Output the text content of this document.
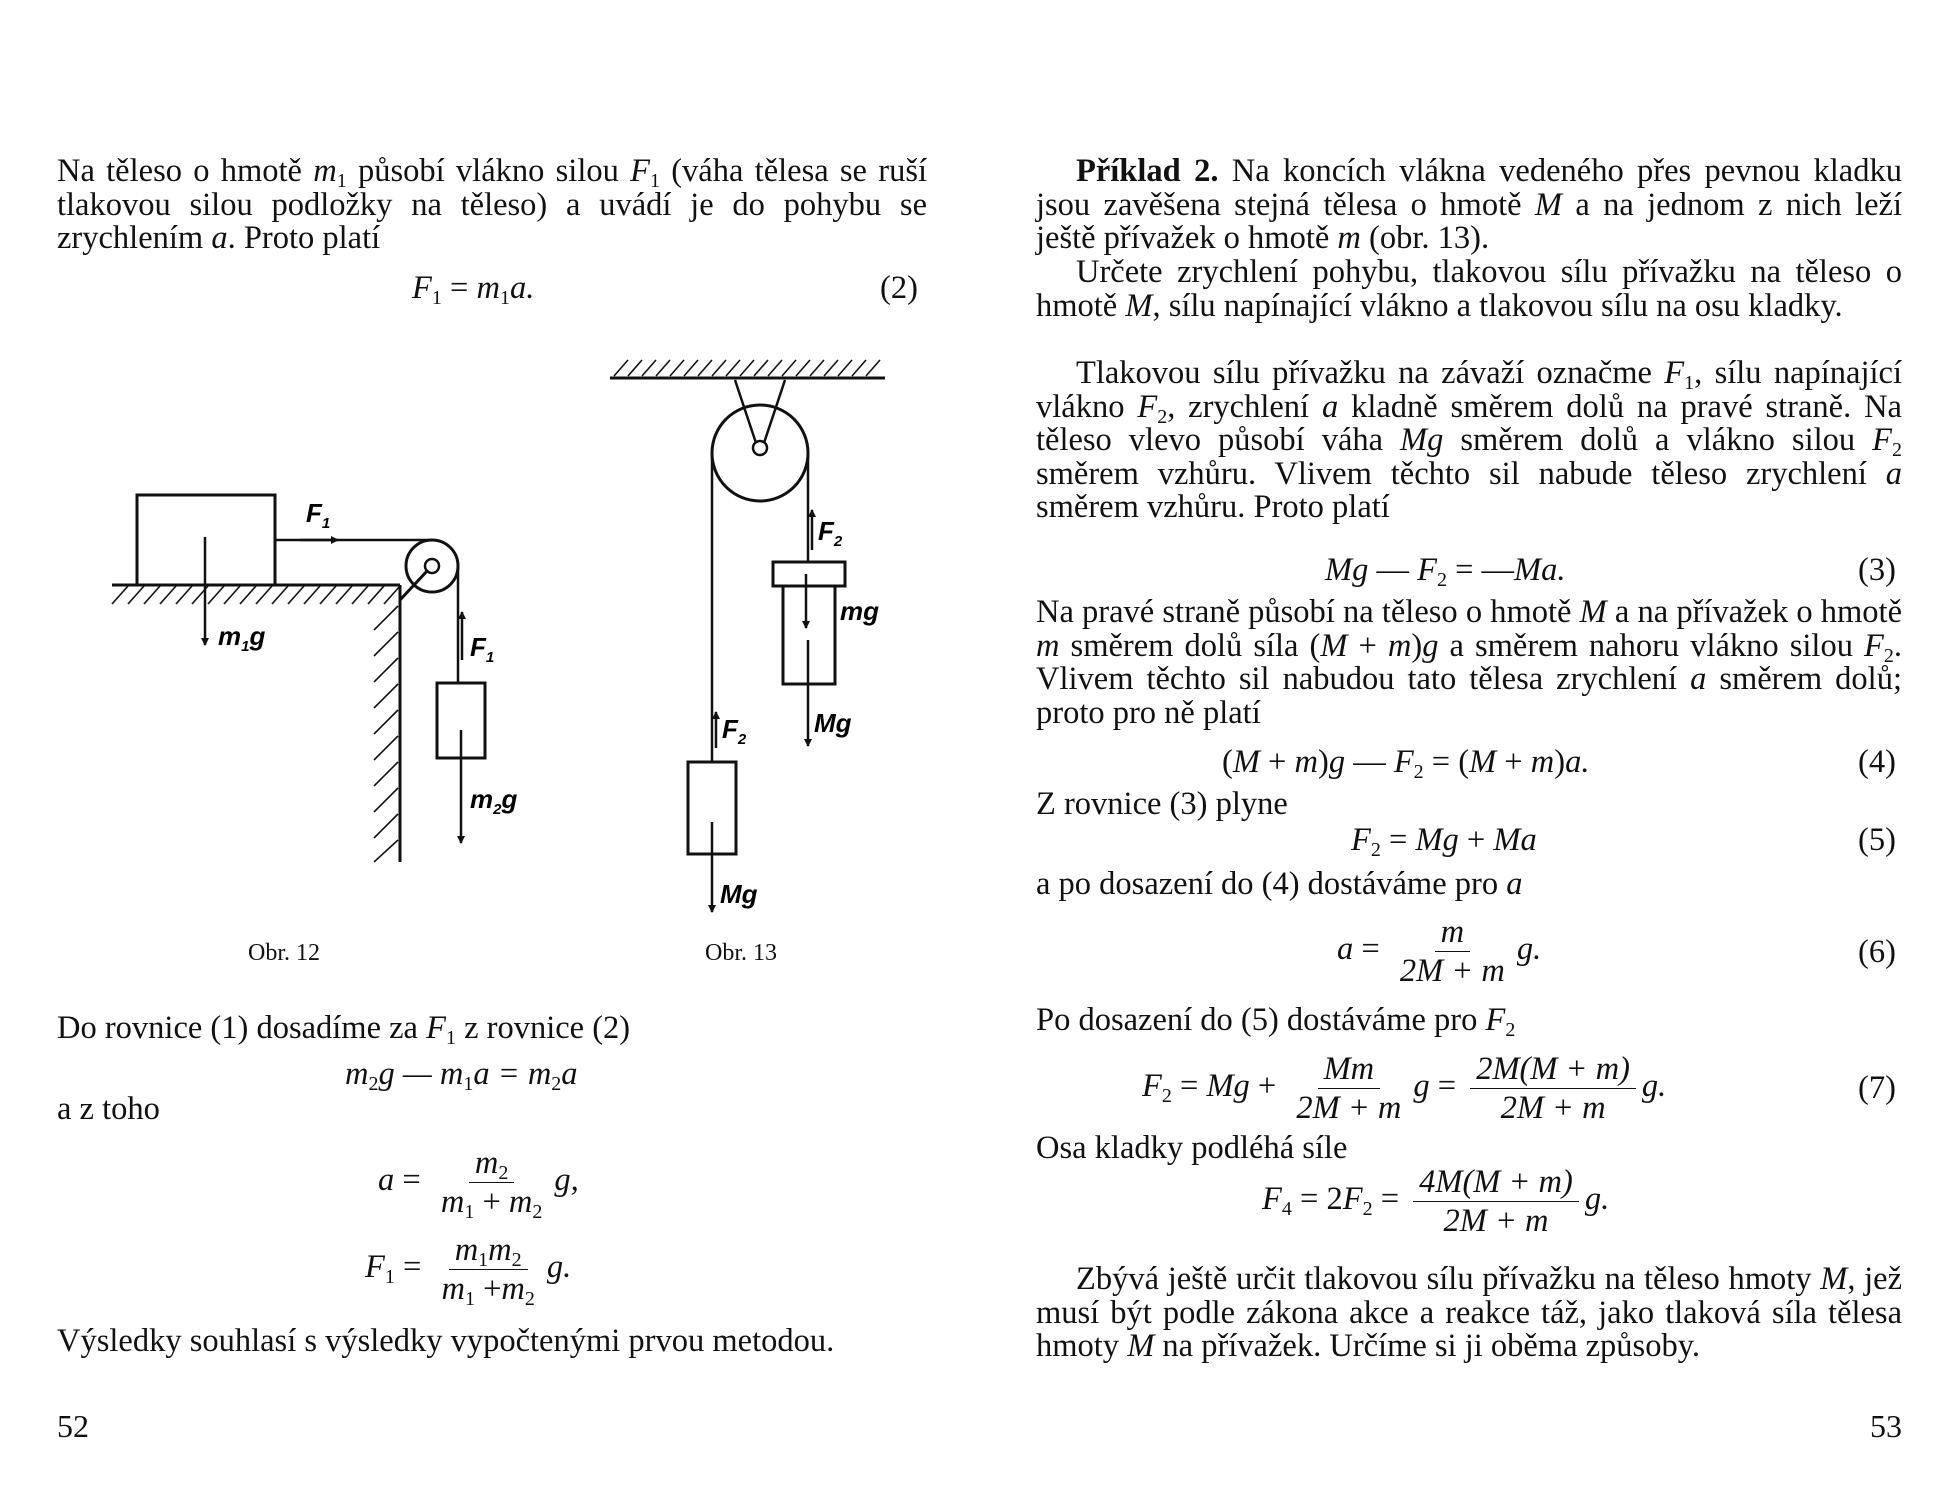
Na těleso o hmotě $m_1$ působí vlákno silou $F_1$ (váha tělesa se ruší tlakovou silou podložky na těleso) a uvádí je do pohybu se zrychlením a. Proto platí

$F_1 = m_1a$.	(2)
$F_1$
$m_1g$	$F_1$
$m_2g$
$F_2$
mg
Mg
$F_2$
Mg
Obr. 12	Obr. 13

Do rovnice (1) dosadíme za $F_1$ z rovnice (2)

$m_2g$ — $m_1a = m_2a$
a z toho
$a = \frac{m_2}{m_1 + m_2} g$,
$F_1 = \frac{m_1m_2}{m_1 +m_2} g$.

Výsledky souhlasí s výsledky vypočtenými prvou metodou.

52

Příklad 2. Na koncích vlákna vedeného přes pevnou kladku jsou zavěšena stejná tělesa o hmotě M a na jednom z nich leží ještě přívažek o hmotě m (obr. 13).

Určete zrychlení pohybu, tlakovou sílu přívažku na těleso o hmotě M, sílu napínající vlákno a tlakovou sílu na osu kladky.

Tlakovou sílu přívažku na závaží označme $F_1$, sílu napínající vlákno $F_2$, zrychlení a kladně směrem dolů na pravé straně. Na těleso vlevo působí váha Mg směrem dolů a vlákno silou $F_2$ směrem vzhůru. Vlivem těchto sil nabude těleso zrychlení a směrem vzhůru. Proto platí

Mg — $F_2$ = —Ma.	(3)

Na pravé straně působí na těleso o hmotě M a na přívažek o hmotě m směrem dolů síla (M + m)g a směrem nahoru vlákno silou $F_2$. Vlivem těchto sil nabudou tato tělesa zrychlení a směrem dolů; proto pro ně platí

(M + m)g — $F_2 = (M + m)a$.	(4)
Z rovnice (3) plyne
$F_2 = Mg + Ma$	(5)
a po dosazení do (4) dostáváme pro a
$a = \frac{m}{2M + m} g$.	(6)
Po dosazení do (5) dostáváme pro $F_2$
$F_2 = Mg + \frac{Mm}{2M + m}$ $g = \frac{2M(M + m)}{2M + m} g$.	(7)
Osa kladky podléhá síle
$F_4 = 2F_2 = \frac{4M(M + m)}{2M + m} g$.

Zbývá ještě určit tlakovou sílu přívažku na těleso hmoty M, jež musí být podle zákona akce a reakce táž, jako tlaková síla tělesa hmoty M na přívažek. Určíme si ji oběma způsoby.

53
